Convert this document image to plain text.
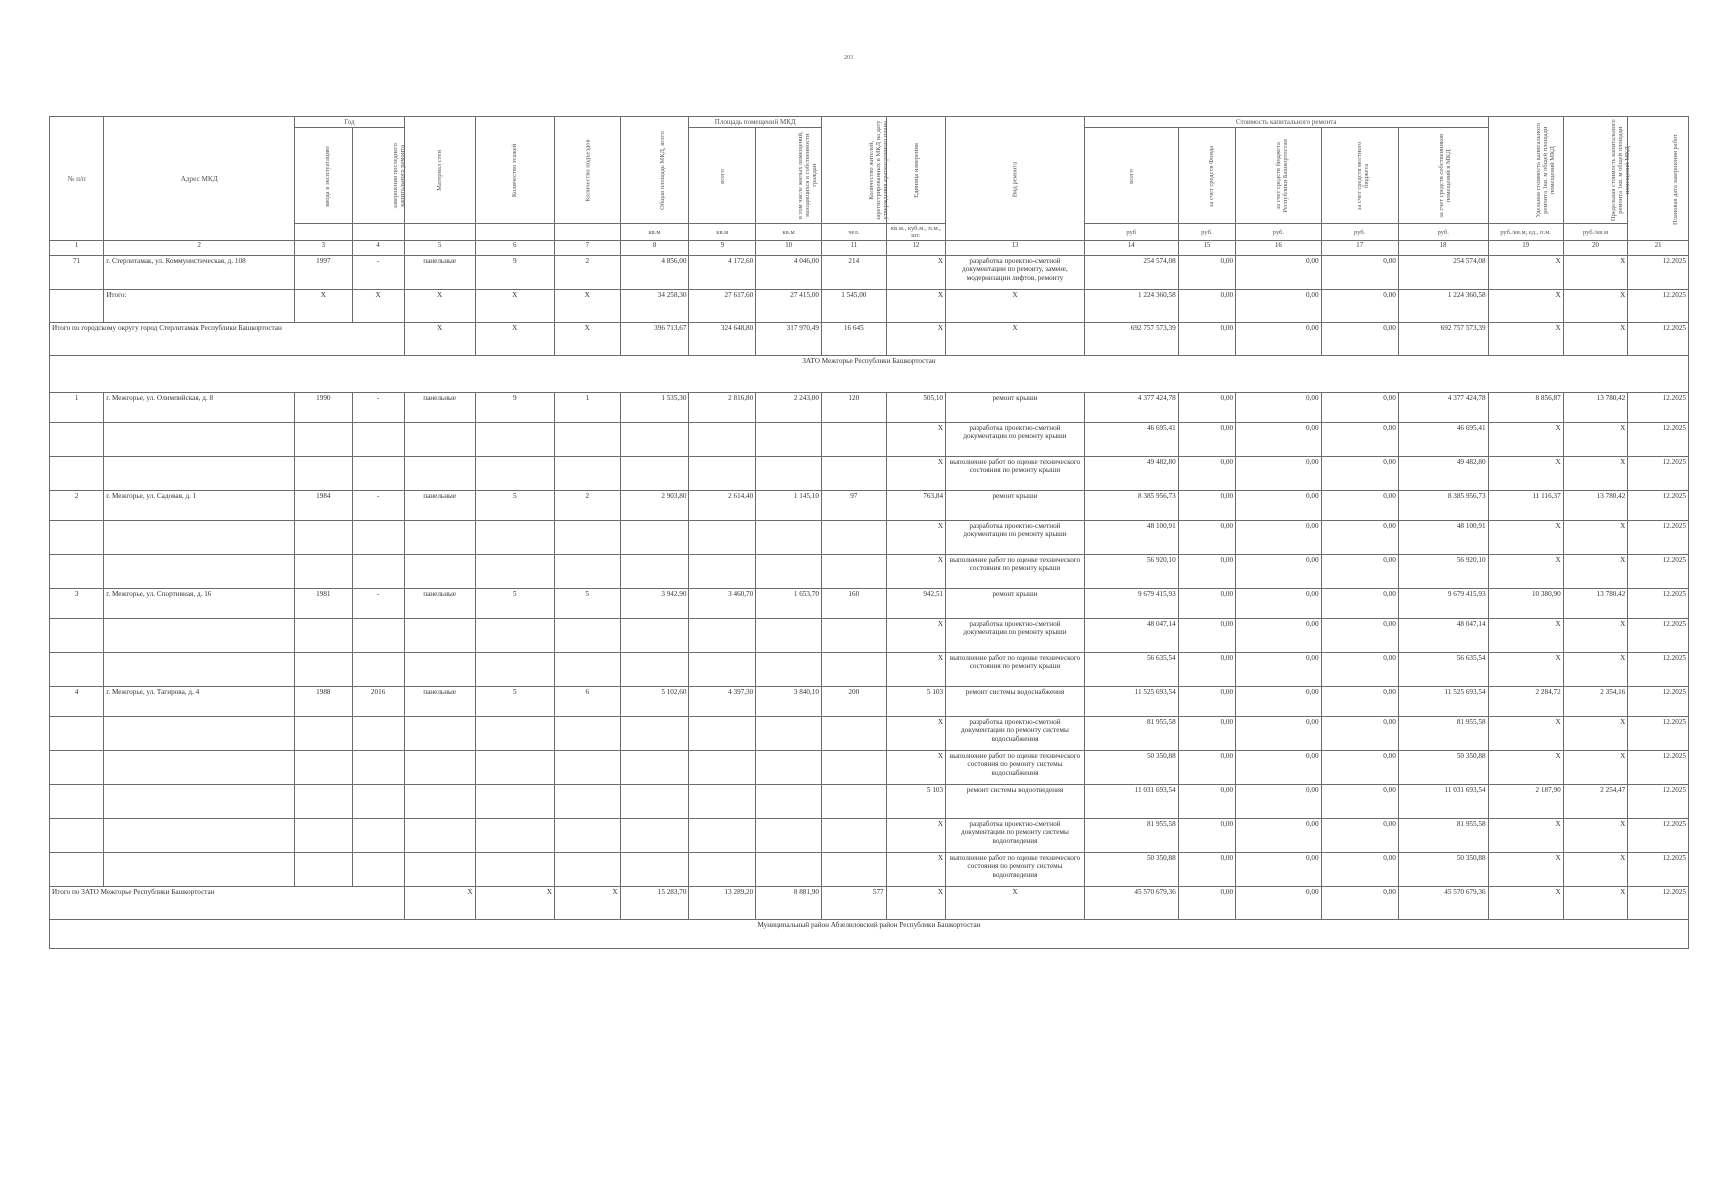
203
№ п/п	Адрес МКД	Год		Материал стен	Количество этажей	Количество подъездов	Общая площадь МКД, всего	Площадь помещений МКД		Количество жителей, зарегистрированных в МКД на дату утверждения краткосрочного плана	Единица измерения	Вид ремонта	Стоимость капитального ремонта					Удельная стоимость капитального ремонта 1кв. м общей площади помещений МКД	Предельная стоимость капитального ремонта 1кв. м общей площади помещений МКД	Плановая дата завершения работ
		ввода в эксплуатацию	завершения последнего капитального ремонта					всего	в том числе жилых помещений, находящихся в собственности граждан				всего	за счет средств Фонда	за счет средств бюджета Республики Башкортостан	за счет средств местного бюджета	за счет средств собственников помещений в МКД			
							кв.м	кв.м	кв.м	чел.	кв.м., куб.м., п.м., шт.		руб	руб.	руб.	руб.	руб.	руб./кв.м, ед., п.м.	руб./кв.м	
1	2	3	4	5	6	7	8	9	10	11	12	13	14	15	16	17	18	19	20	21
71	г. Стерлитамак, ул. Коммунистическая, д. 108	1997	-	панельные	9	2	4 856,00	4 172,60	4 046,00	214	X	разработка проектно-сметной документации по ремонту, замене, модернизации лифтов, ремонту	254 574,08	0,00	0,00	0,00	254 574,08	X	X	12.2025
	Итого:	X	X	X	X	X	34 258,30	27 617,60	27 415,00	1 545,00	X	X	1 224 360,58	0,00	0,00	0,00	1 224 360,58	X	X	12.2025
Итого по городскому округу город Стерлитамак Республики Башкортостан				X	X	X	396 713,67	324 648,80	317 970,49	16 645	X	X	692 757 573,39	0,00	0,00	0,00	692 757 573,39	X	X	12.2025
ЗАТО Межгорье Республики Башкортостан																				
1	г. Межгорье, ул. Олимпийская, д. 8	1990	-	панельные	9	1	1 535,30	2 816,80	2 243,00	120	505,10	ремонт крыши	4 377 424,78	0,00	0,00	0,00	4 377 424,78	8 856,87	13 780,42	12.2025
											X	разработка проектно-сметной документации по ремонту крыши	46 695,41	0,00	0,00	0,00	46 695,41	X	X	12.2025
											X	выполнение работ по оценке технического состояния по ремонту крыши	49 482,80	0,00	0,00	0,00	49 482,80	X	X	12.2025
2	г. Межгорье, ул. Садовая, д. 1	1984	-	панельные	5	2	2 903,80	2 614,40	1 145,10	97	763,84	ремонт крыши	8 385 956,73	0,00	0,00	0,00	8 385 956,73	11 116,37	13 780,42	12.2025
											X	разработка проектно-сметной документации по ремонту крыши	48 100,91	0,00	0,00	0,00	48 100,91	X	X	12.2025
											X	выполнение работ по оценке технического состояния по ремонту крыши	56 920,10	0,00	0,00	0,00	56 920,10	X	X	12.2025
3	г. Межгорье, ул. Спортивная, д. 16	1981	-	панельные	5	5	3 942,90	3 460,70	1 653,70	160	942,51	ремонт крыши	9 679 415,93	0,00	0,00	0,00	9 679 415,93	10 380,90	13 780,42	12.2025
											X	разработка проектно-сметной документации по ремонту крыши	48 047,14	0,00	0,00	0,00	48 047,14	X	X	12.2025
											X	выполнение работ по оценке технического состояния по ремонту крыши	56 635,54	0,00	0,00	0,00	56 635,54	X	X	12.2025
4	г. Межгорье, ул. Тагирова, д. 4	1988	2016	панельные	5	6	5 102,60	4 397,30	3 840,10	200	5 103	ремонт системы водоснабжения	11 525 693,54	0,00	0,00	0,00	11 525 693,54	2 284,72	2 354,16	12.2025
											X	разработка проектно-сметной документации по ремонту системы водоснабжения	81 955,58	0,00	0,00	0,00	81 955,58	X	X	12.2025
											X	выполнение работ по оценке технического состояния по ремонту системы водоснабжения	50 350,88	0,00	0,00	0,00	50 350,88	X	X	12.2025
											5 103	ремонт системы водоотведения	11 031 693,54	0,00	0,00	0,00	11 031 693,54	2 187,90	2 254,47	12.2025
											X	разработка проектно-сметной документации по ремонту системы водоотведения	81 955,58	0,00	0,00	0,00	81 955,58	X	X	12.2025
											X	выполнение работ по оценке технического состояния по ремонту системы водоотведения	50 350,88	0,00	0,00	0,00	50 350,88	X	X	12.2025
Итого по ЗАТО Межгорье Республики Башкортостан				X	X	X	15 283,70	13 289,20	8 881,90	577	X	X	45 570 679,36	0,00	0,00	0,00	45 570 679,36	X	X	12.2025
Муниципальный район Абзелиловский район Республики Башкортостан																				
